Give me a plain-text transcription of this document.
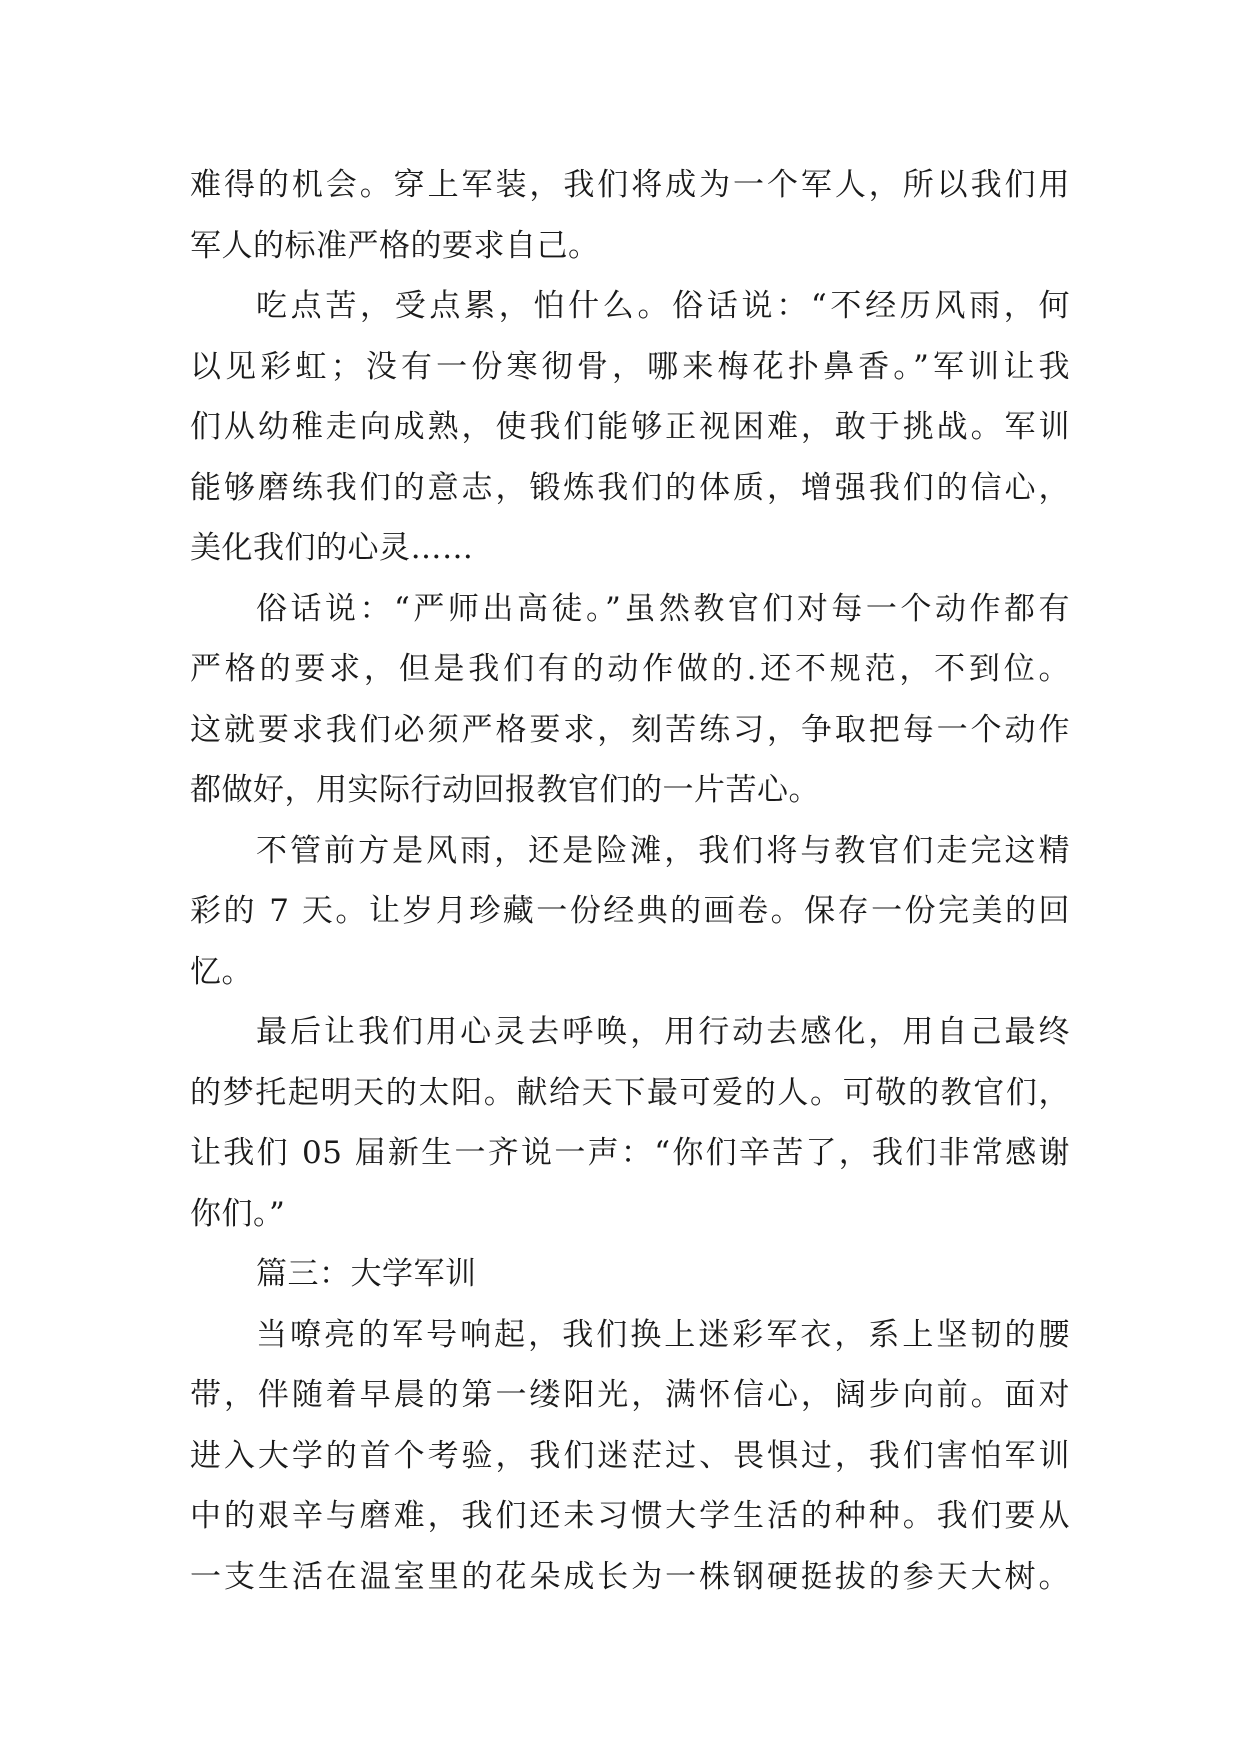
难得的机会。穿上军装，我们将成为一个军人，所以我们用
军人的标准严格的要求自己。
吃点苦，受点累，怕什么。俗话说：“不经历风雨，何
以见彩虹；没有一份寒彻骨，哪来梅花扑鼻香。”军训让我
们从幼稚走向成熟，使我们能够正视困难，敢于挑战。军训
能够磨练我们的意志，锻炼我们的体质，增强我们的信心，
美化我们的心灵……
俗话说：“严师出高徒。”虽然教官们对每一个动作都有
严格的要求，但是我们有的动作做的.还不规范，不到位。
这就要求我们必须严格要求，刻苦练习，争取把每一个动作
都做好，用实际行动回报教官们的一片苦心。
不管前方是风雨，还是险滩，我们将与教官们走完这精
彩的 7 天。让岁月珍藏一份经典的画卷。保存一份完美的回
忆。
最后让我们用心灵去呼唤，用行动去感化，用自己最终
的梦托起明天的太阳。献给天下最可爱的人。可敬的教官们，
让我们 05 届新生一齐说一声：“你们辛苦了，我们非常感谢
你们。”
篇三：大学军训
当嘹亮的军号响起，我们换上迷彩军衣，系上坚韧的腰
带，伴随着早晨的第一缕阳光，满怀信心，阔步向前。面对
进入大学的首个考验，我们迷茫过、畏惧过，我们害怕军训
中的艰辛与磨难，我们还未习惯大学生活的种种。我们要从
一支生活在温室里的花朵成长为一株钢硬挺拔的参天大树。
